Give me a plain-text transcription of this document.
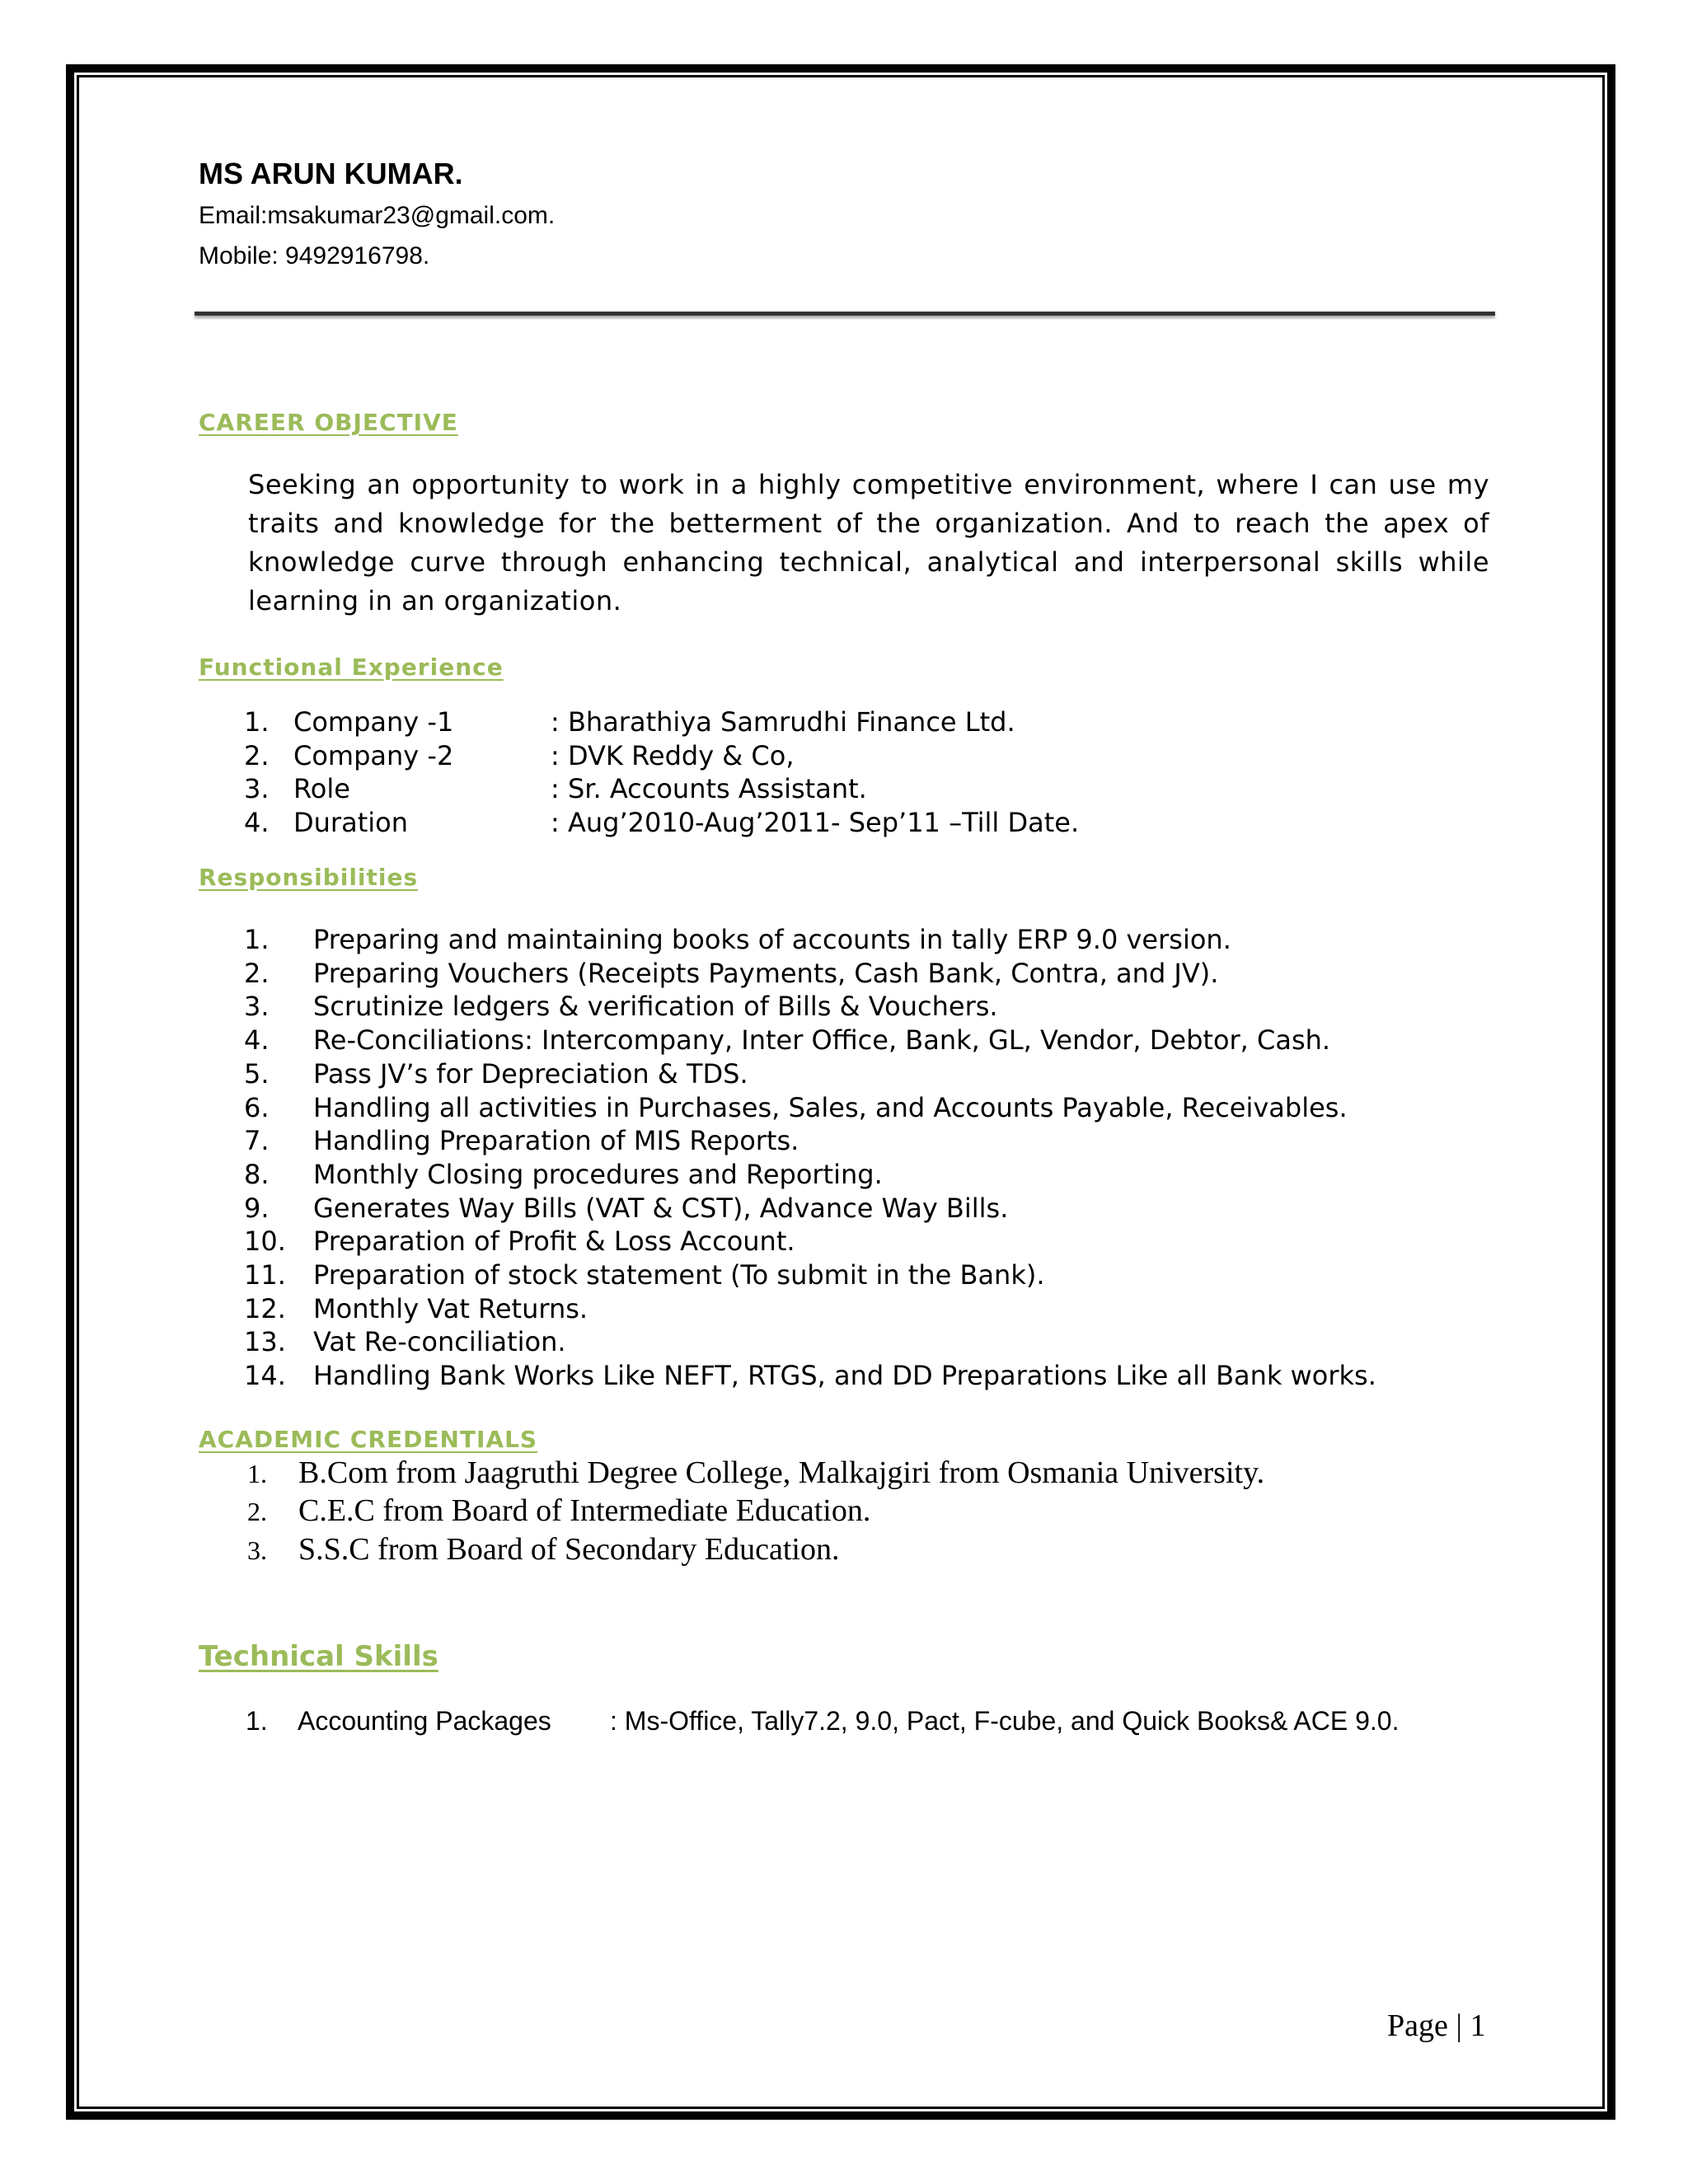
MS ARUN KUMAR.
Email:msakumar23@gmail.com.
Mobile: 9492916798.
CAREER OBJECTIVE
Seeking an opportunity to work in a highly competitive environment, where I can use my traits and knowledge for the betterment of the organization. And to reach the apex of knowledge curve through enhancing technical, analytical and interpersonal skills while learning in an organization.
Functional Experience
1. Company -1	: Bharathiya Samrudhi Finance Ltd.
2. Company -2	: DVK Reddy & Co,
3. Role	: Sr. Accounts Assistant.
4. Duration	: Aug’2010-Aug’2011- Sep’11 –Till Date.
Responsibilities
1. Preparing and maintaining books of accounts in tally ERP 9.0 version.
2. Preparing Vouchers (Receipts Payments, Cash Bank, Contra, and JV).
3. Scrutinize ledgers & verification of Bills & Vouchers.
4. Re-Conciliations: Intercompany, Inter Office, Bank, GL, Vendor, Debtor, Cash.
5. Pass JV’s for Depreciation & TDS.
6. Handling all activities in Purchases, Sales, and Accounts Payable, Receivables.
7. Handling Preparation of MIS Reports.
8. Monthly Closing procedures and Reporting.
9. Generates Way Bills (VAT & CST), Advance Way Bills.
10. Preparation of Profit & Loss Account.
11. Preparation of stock statement (To submit in the Bank).
12. Monthly Vat Returns.
13. Vat Re-conciliation.
14. Handling Bank Works Like NEFT, RTGS, and DD Preparations Like all Bank works.
ACADEMIC CREDENTIALS
1. B.Com from Jaagruthi Degree College, Malkajgiri from Osmania University.
2. C.E.C from Board of Intermediate Education.
3. S.S.C from Board of Secondary Education.
Technical Skills
1. Accounting Packages : Ms-Office, Tally7.2, 9.0, Pact, F-cube, and Quick Books& ACE 9.0.
Page | 1
